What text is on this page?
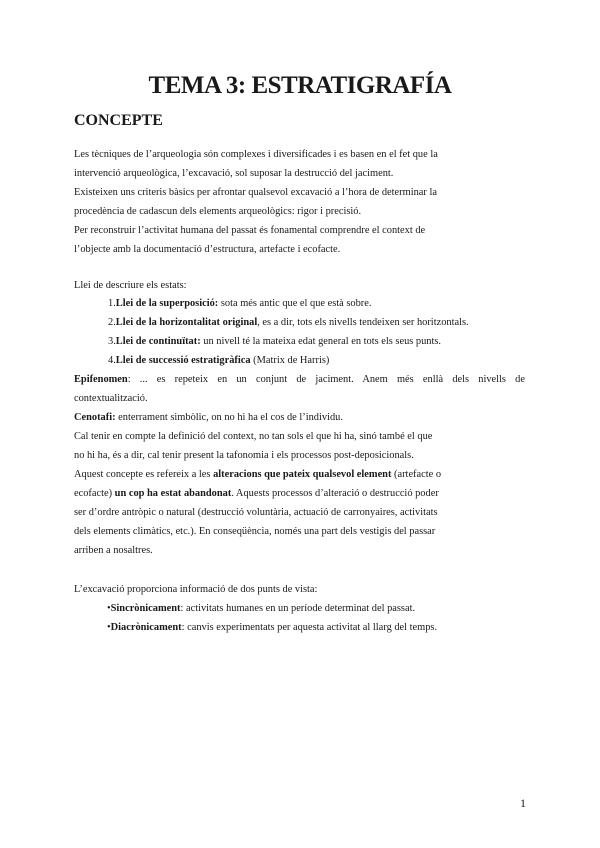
TEMA 3: ESTRATIGRAFÍA
CONCEPTE
Les tècniques de l’arqueologia són complexes i diversificades i es basen en el fet que la
intervenció arqueològica, l’excavació, sol suposar la destrucció del jaciment.
Existeixen uns criteris bàsics per afrontar qualsevol excavació a l’hora de determinar la
procedència de cadascun dels elements arqueològics: rigor i precisió.
Per reconstruir l’activitat humana del passat és fonamental comprendre el context de
l’objecte amb la documentació d’estructura, artefacte i ecofacte.
Llei de descriure els estats:
1.Llei de la superposició: sota més antic que el que està sobre.
2.Llei de la horizontalitat original, es a dir, tots els nivells tendeixen ser horitzontals.
3.Llei de continuïtat: un nivell té la mateixa edat general en tots els seus punts.
4.Llei de successió estratigràfica (Matrix de Harris)
Epifenomen: ... es repeteix en un conjunt de jaciment. Anem més enllà dels nivells de
contextualització.
Cenotafi: enterrament simbòlic, on no hi ha el cos de l’individu.
Cal tenir en compte la definició del context, no tan sols el que hi ha, sinó també el que
no hi ha, és a dir, cal tenir present la tafonomia i els processos post-deposicionals.
Aquest concepte es refereix a les alteracions que pateix qualsevol element (artefacte o
ecofacte) un cop ha estat abandonat. Aquests processos d’alteració o destrucció poder
ser d’ordre antròpic o natural (destrucció voluntària, actuació de carronyaires, activitats
dels elements climàtics, etc.). En conseqüència, només una part dels vestigis del passar
arriben a nosaltres.
L’excavació proporciona informació de dos punts de vista:
•Sincrònicament: activitats humanes en un període determinat del passat.
•Diacrònicament: canvis experimentats per aquesta activitat al llarg del temps.
1
